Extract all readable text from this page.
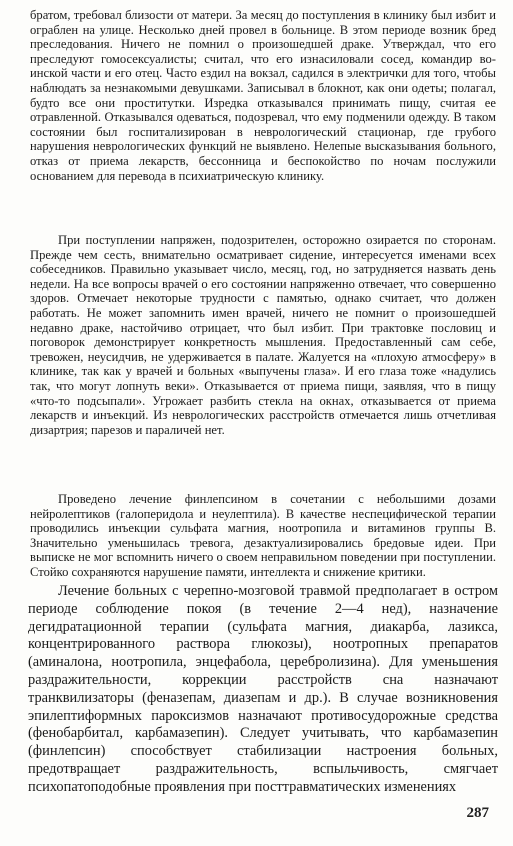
братом, требовал близости от матери. За месяц до поступления в клинику был избит и ограблен на улице. Несколько дней провел в больнице. В этом периоде возник бред преследования. Ничего не помнил о произошедшей драке. Утверждал, что его преследуют гомосексуалисты; считал, что его изнасиловали сосед, командир воинской части и его отец. Часто ездил на вокзал, садился в электрички для того, чтобы наблюдать за незнакомыми девушками. Записывал в блокнот, как они одеты; полагал, будто все они проститутки. Изредка отказывался принимать пищу, считая ее отравленной. Отказывался одеваться, подозревал, что ему подменили одежду. В таком состоянии был госпитализирован в неврологический стационар, где грубого нарушения неврологических функций не выявлено. Нелепые высказывания больного, отказ от приема лекарств, бессонница и беспокойство по ночам послужили основанием для перевода в психиатрическую клинику.

При поступлении напряжен, подозрителен, осторожно озирается по сторонам. Прежде чем сесть, внимательно осматривает сидение, интересуется именами всех собеседников. Правильно указывает число, месяц, год, но затрудняется назвать день недели. На все вопросы врачей о его состоянии напряженно отвечает, что совершенно здоров. Отмечает некоторые трудности с памятью, однако считает, что должен работать. Не может запомнить имен врачей, ничего не помнит о произошедшей недавно драке, настойчиво отрицает, что был избит. При трактовке пословиц и поговорок демонстрирует конкретность мышления. Предоставленный сам себе, тревожен, неусидчив, не удерживается в палате. Жалуется на «плохую атмосферу» в клинике, так как у врачей и больных «выпучены глаза». И его глаза тоже «надулись так, что могут лопнуть веки». Отказывается от приема пищи, заявляя, что в пищу «что-то подсыпали». Угрожает разбить стекла на окнах, отказывается от приема лекарств и инъекций. Из неврологических расстройств отмечается лишь отчетливая дизартрия; парезов и параличей нет.

Проведено лечение финлепсином в сочетании с небольшими дозами нейролептиков (галоперидола и неулептила). В качестве неспецифической терапии проводились инъекции сульфата магния, ноотропила и витаминов группы В. Значительно уменьшилась тревога, дезактуализировались бредовые идеи. При выписке не мог вспомнить ничего о своем неправильном поведении при поступлении. Стойко сохраняются нарушение памяти, интеллекта и снижение критики.

Лечение больных с черепно-мозговой травмой предполагает в остром периоде соблюдение покоя (в течение 2—4 нед), назначение дегидратационной терапии (сульфата магния, диакарба, лазикса, концентрированного раствора глюкозы), ноотропных препаратов (аминалона, ноотропила, энцефабола, церебролизина). Для уменьшения раздражительности, коррекции расстройств сна назначают транквилизаторы (феназепам, диазепам и др.). В случае возникновения эпилептиформных пароксизмов назначают противосудорожные средства (фенобарбитал, карбамазепин). Следует учитывать, что карбамазепин (финлепсин) способствует стабилизации настроения больных, предотвращает раздражительность, вспыльчивость, смягчает психопатоподобные проявления при посттравматических изменениях

287
